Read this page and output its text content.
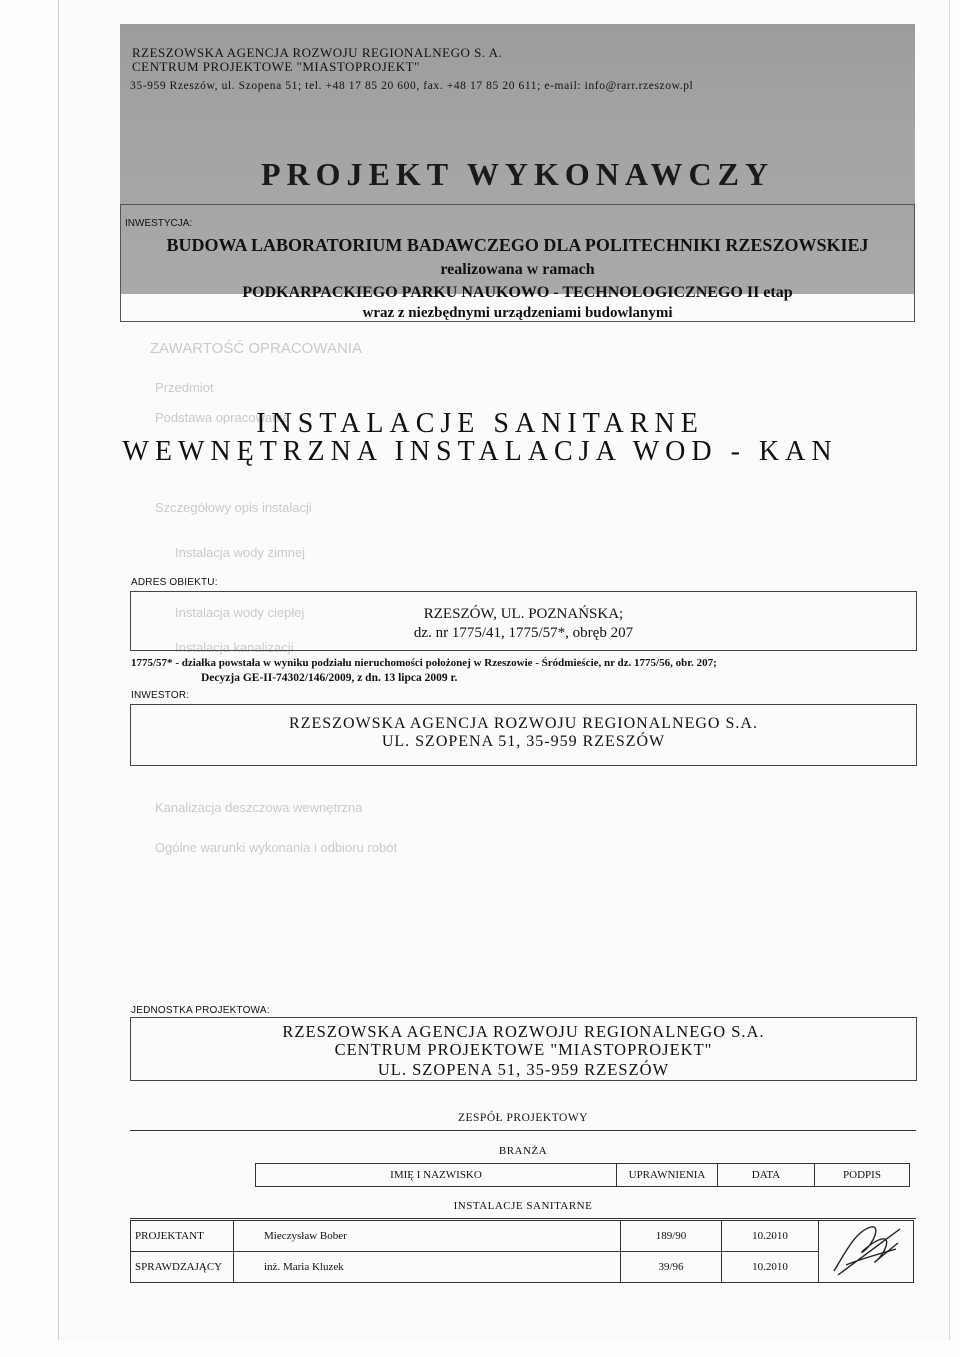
ZAWARTOŚĆ OPRACOWANIA
Przedmiot
Podstawa opracowania
Szczegółowy opis instalacji
Instalacja wody zimnej
Instalacja wody ciepłej
Instalacja kanalizacji
Kanalizacja deszczowa wewnętrzna
Ogólne warunki wykonania i odbioru robót
RZESZOWSKA AGENCJA ROZWOJU REGIONALNEGO S. A.
CENTRUM PROJEKTOWE "MIASTOPROJEKT"
35-959 Rzeszów, ul. Szopena 51; tel. +48 17 85 20 600, fax. +48 17 85 20 611; e-mail: info@rarr.rzeszow.pl
PROJEKT WYKONAWCZY
INWESTYCJA:
BUDOWA LABORATORIUM BADAWCZEGO DLA POLITECHNIKI RZESZOWSKIEJ
realizowana w ramach
PODKARPACKIEGO PARKU NAUKOWO - TECHNOLOGICZNEGO II etap
wraz z niezbędnymi urządzeniami budowlanymi
INSTALACJE SANITARNE
WEWNĘTRZNA INSTALACJA WOD - KAN
ADRES OBIEKTU:
RZESZÓW, UL. POZNAŃSKA;
dz. nr 1775/41, 1775/57*, obręb 207
1775/57* - działka powstała w wyniku podziału nieruchomości położonej w Rzeszowie - Śródmieście, nr dz. 1775/56, obr. 207;
Decyzja GE-II-74302/146/2009, z dn. 13 lipca 2009 r.
INWESTOR:
RZESZOWSKA AGENCJA ROZWOJU REGIONALNEGO S.A.
UL. SZOPENA 51, 35-959 RZESZÓW
JEDNOSTKA PROJEKTOWA:
RZESZOWSKA AGENCJA ROZWOJU REGIONALNEGO S.A.
CENTRUM PROJEKTOWE "MIASTOPROJEKT"
UL. SZOPENA 51, 35-959 RZESZÓW
ZESPÓŁ PROJEKTOWY
BRANŻA
IMIĘ I NAZWISKO	UPRAWNIENIA	DATA	PODPIS
INSTALACJE SANITARNE
PROJEKTANT	Mieczysław Bober	189/90	10.2010	
SPRAWDZAJĄCY	inż. Maria Kluzek	39/96	10.2010	
